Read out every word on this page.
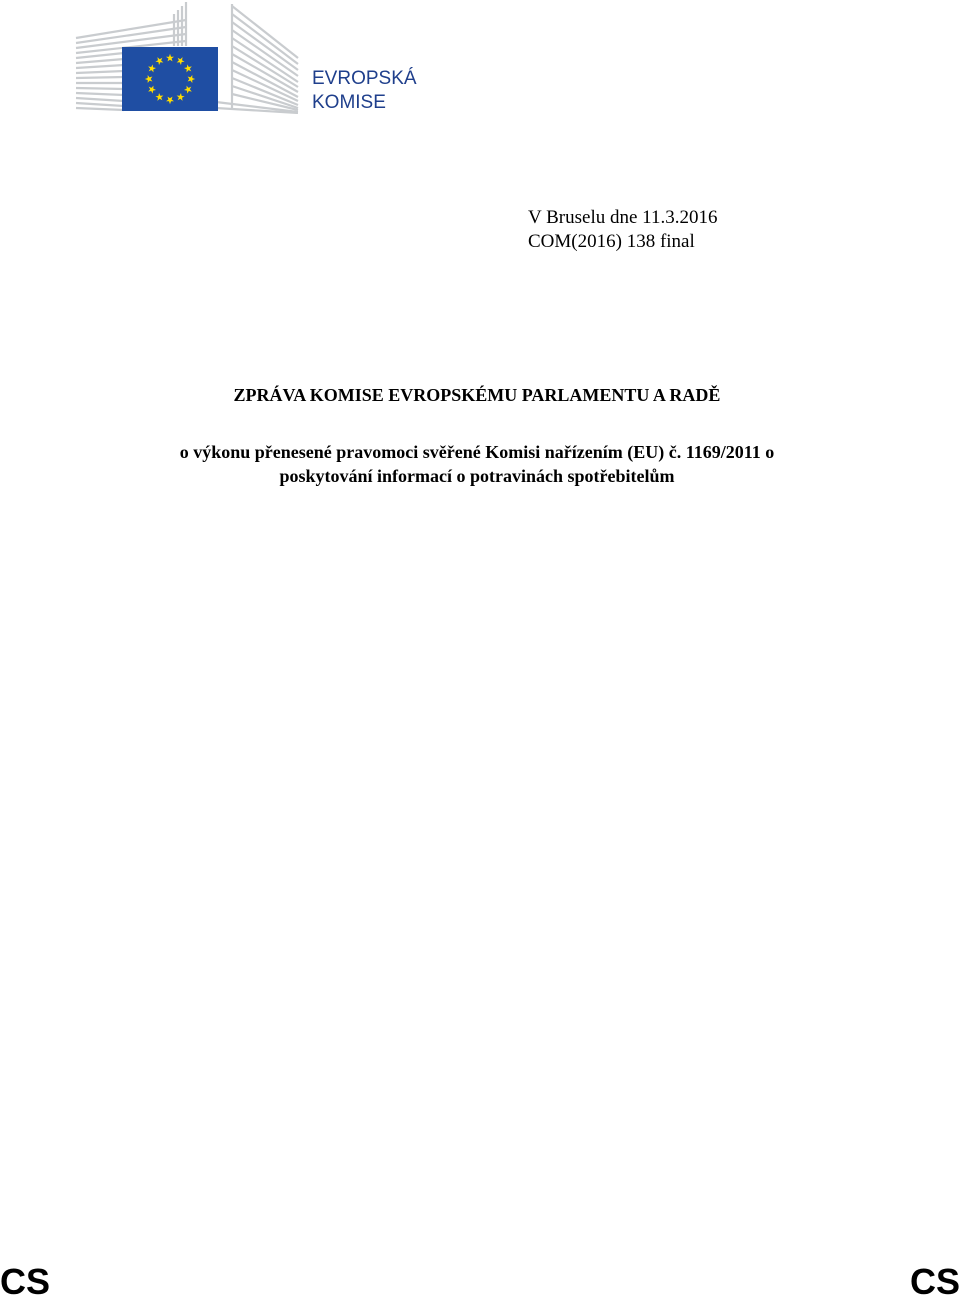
EVROPSKÁ
KOMISE
V Bruselu dne 11.3.2016
COM(2016) 138 final
ZPRÁVA KOMISE EVROPSKÉMU PARLAMENTU A RADĚ
o výkonu přenesené pravomoci svěřené Komisi nařízením (EU) č. 1169/2011 o
poskytování informací o potravinách spotřebitelům
CS	CS
